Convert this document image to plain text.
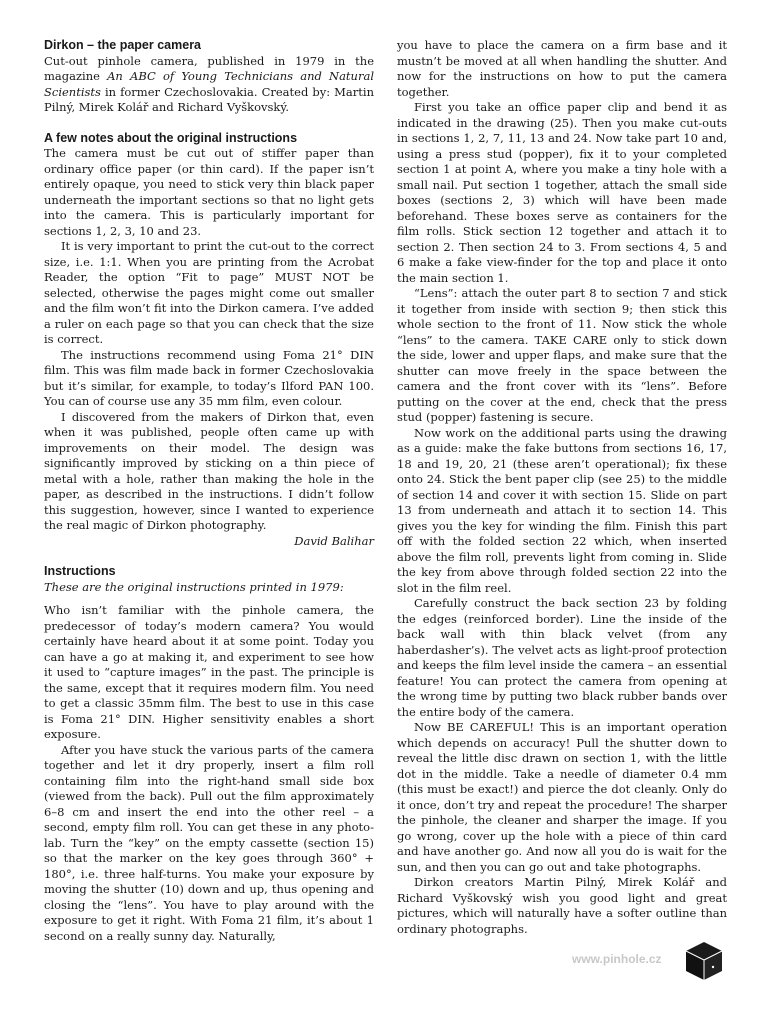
Dirkon – the paper camera

Cut-out pinhole camera, published in 1979 in the magazine An ABC of Young Technicians and Natural Scientists in former Czechoslovakia. Created by: Martin Pilný, Mirek Kolář and Richard Vyškovský.

A few notes about the original instructions

The camera must be cut out of stiffer paper than ordinary office paper (or thin card). If the paper isn’t entirely opaque, you need to stick very thin black paper underneath the important sections so that no light gets into the camera. This is particularly important for sections 1, 2, 3, 10 and 23.

It is very important to print the cut-out to the correct size, i.e. 1:1. When you are printing from the Acrobat Reader, the option “Fit to page” MUST NOT be selected, otherwise the pages might come out smaller and the film won’t fit into the Dirkon camera. I’ve added a ruler on each page so that you can check that the size is correct.

The instructions recommend using Foma 21° DIN film. This was film made back in former Czechoslovakia but it’s similar, for example, to today’s Ilford PAN 100. You can of course use any 35 mm film, even colour.

I discovered from the makers of Dirkon that, even when it was published, people often came up with improvements on their model. The design was significantly improved by sticking on a thin piece of metal with a hole, rather than making the hole in the paper, as described in the instructions. I didn’t follow this suggestion, however, since I wanted to experience the real magic of Dirkon photography.

David Balihar

Instructions

These are the original instructions printed in 1979:

Who isn’t familiar with the pinhole camera, the predecessor of today’s modern camera? You would certainly have heard about it at some point. Today you can have a go at making it, and experiment to see how it used to “capture images” in the past. The principle is the same, except that it requires modern film. You need to get a classic 35mm film. The best to use in this case is Foma 21° DIN. Higher sensitivity enables a short exposure.

After you have stuck the various parts of the camera together and let it dry properly, insert a film roll containing film into the right-hand small side box (viewed from the back). Pull out the film approximately 6–8 cm and insert the end into the other reel – a second, empty film roll. You can get these in any photo-lab. Turn the “key” on the empty cassette (section 15) so that the marker on the key goes through 360° + 180°, i.e. three half-turns. You make your exposure by moving the shutter (10) down and up, thus opening and closing the “lens”. You have to play around with the exposure to get it right. With Foma 21 film, it’s about 1 second on a really sunny day. Naturally,

you have to place the camera on a firm base and it mustn’t be moved at all when handling the shutter. And now for the instructions on how to put the camera together.

First you take an office paper clip and bend it as indicated in the drawing (25). Then you make cut-outs in sections 1, 2, 7, 11, 13 and 24. Now take part 10 and, using a press stud (popper), fix it to your completed section 1 at point A, where you make a tiny hole with a small nail. Put section 1 together, attach the small side boxes (sections 2, 3) which will have been made beforehand. These boxes serve as containers for the film rolls. Stick section 12 together and attach it to section 2. Then section 24 to 3. From sections 4, 5 and 6 make a fake view-finder for the top and place it onto the main section 1.

“Lens”: attach the outer part 8 to section 7 and stick it together from inside with section 9; then stick this whole section to the front of 11. Now stick the whole “lens” to the camera. TAKE CARE only to stick down the side, lower and upper flaps, and make sure that the shutter can move freely in the space between the camera and the front cover with its “lens”. Before putting on the cover at the end, check that the press stud (popper) fastening is secure.

Now work on the additional parts using the drawing as a guide: make the fake buttons from sections 16, 17, 18 and 19, 20, 21 (these aren’t operational); fix these onto 24. Stick the bent paper clip (see 25) to the middle of section 14 and cover it with section 15. Slide on part 13 from underneath and attach it to section 14. This gives you the key for winding the film. Finish this part off with the folded section 22 which, when inserted above the film roll, prevents light from coming in. Slide the key from above through folded section 22 into the slot in the film reel.

Carefully construct the back section 23 by folding the edges (reinforced border). Line the inside of the back wall with thin black velvet (from any haberdasher’s). The velvet acts as light-proof protection and keeps the film level inside the camera – an essential feature! You can protect the camera from opening at the wrong time by putting two black rubber bands over the entire body of the camera.

Now BE CAREFUL! This is an important operation which depends on accuracy! Pull the shutter down to reveal the little disc drawn on section 1, with the little dot in the middle. Take a needle of diameter 0.4 mm (this must be exact!) and pierce the dot cleanly. Only do it once, don’t try and repeat the procedure! The sharper the pinhole, the cleaner and sharper the image. If you go wrong, cover up the hole with a piece of thin card and have another go. And now all you do is wait for the sun, and then you can go out and take photographs.

Dirkon creators Martin Pilný, Mirek Kolář and Richard Vyškovský wish you good light and great pictures, which will naturally have a softer outline than ordinary photographs.

www.pinhole.cz
